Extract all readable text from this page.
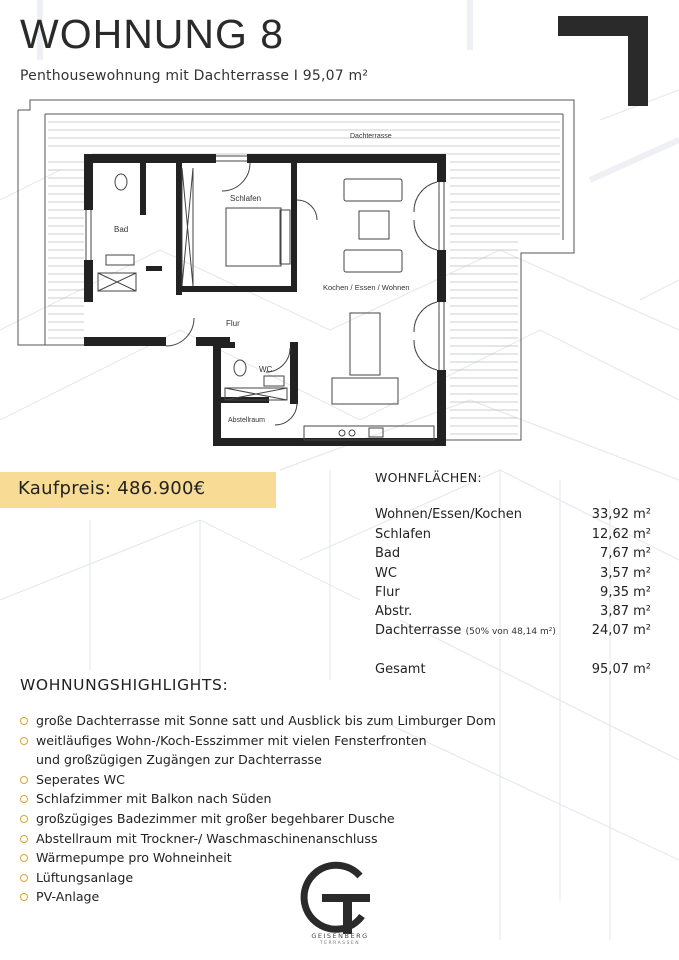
WOHNUNG 8
Penthousewohnung mit Dachterrasse I 95,07 m²
Dachterrasse
Schlafen
Bad
Kochen / Essen / Wohnen
Flur
WC
Abstellraum
Kaufpreis: 486.900€
WOHNFLÄCHEN:
Wohnen/Essen/Kochen	33,92 m²
Schlafen	12,62 m²
Bad	7,67 m²
WC	3,57 m²
Flur	9,35 m²
Abstr.	3,87 m²
Dachterrasse (50% von 48,14 m²)	24,07 m²
Gesamt	95,07 m²
WOHNUNGSHIGHLIGHTS:
große Dachterrasse mit Sonne satt und Ausblick bis zum Limburger Dom
weitläufiges Wohn-/Koch-Esszimmer mit vielen Fensterfronten
und großzügigen Zugängen zur Dachterrasse
Seperates WC
Schlafzimmer mit Balkon nach Süden
großzügiges Badezimmer mit großer begehbarer Dusche
Abstellraum mit Trockner-/ Waschmaschinenanschluss
Wärmepumpe pro Wohneinheit
Lüftungsanlage
PV-Anlage
GEISENBERG
TERRASSEN
